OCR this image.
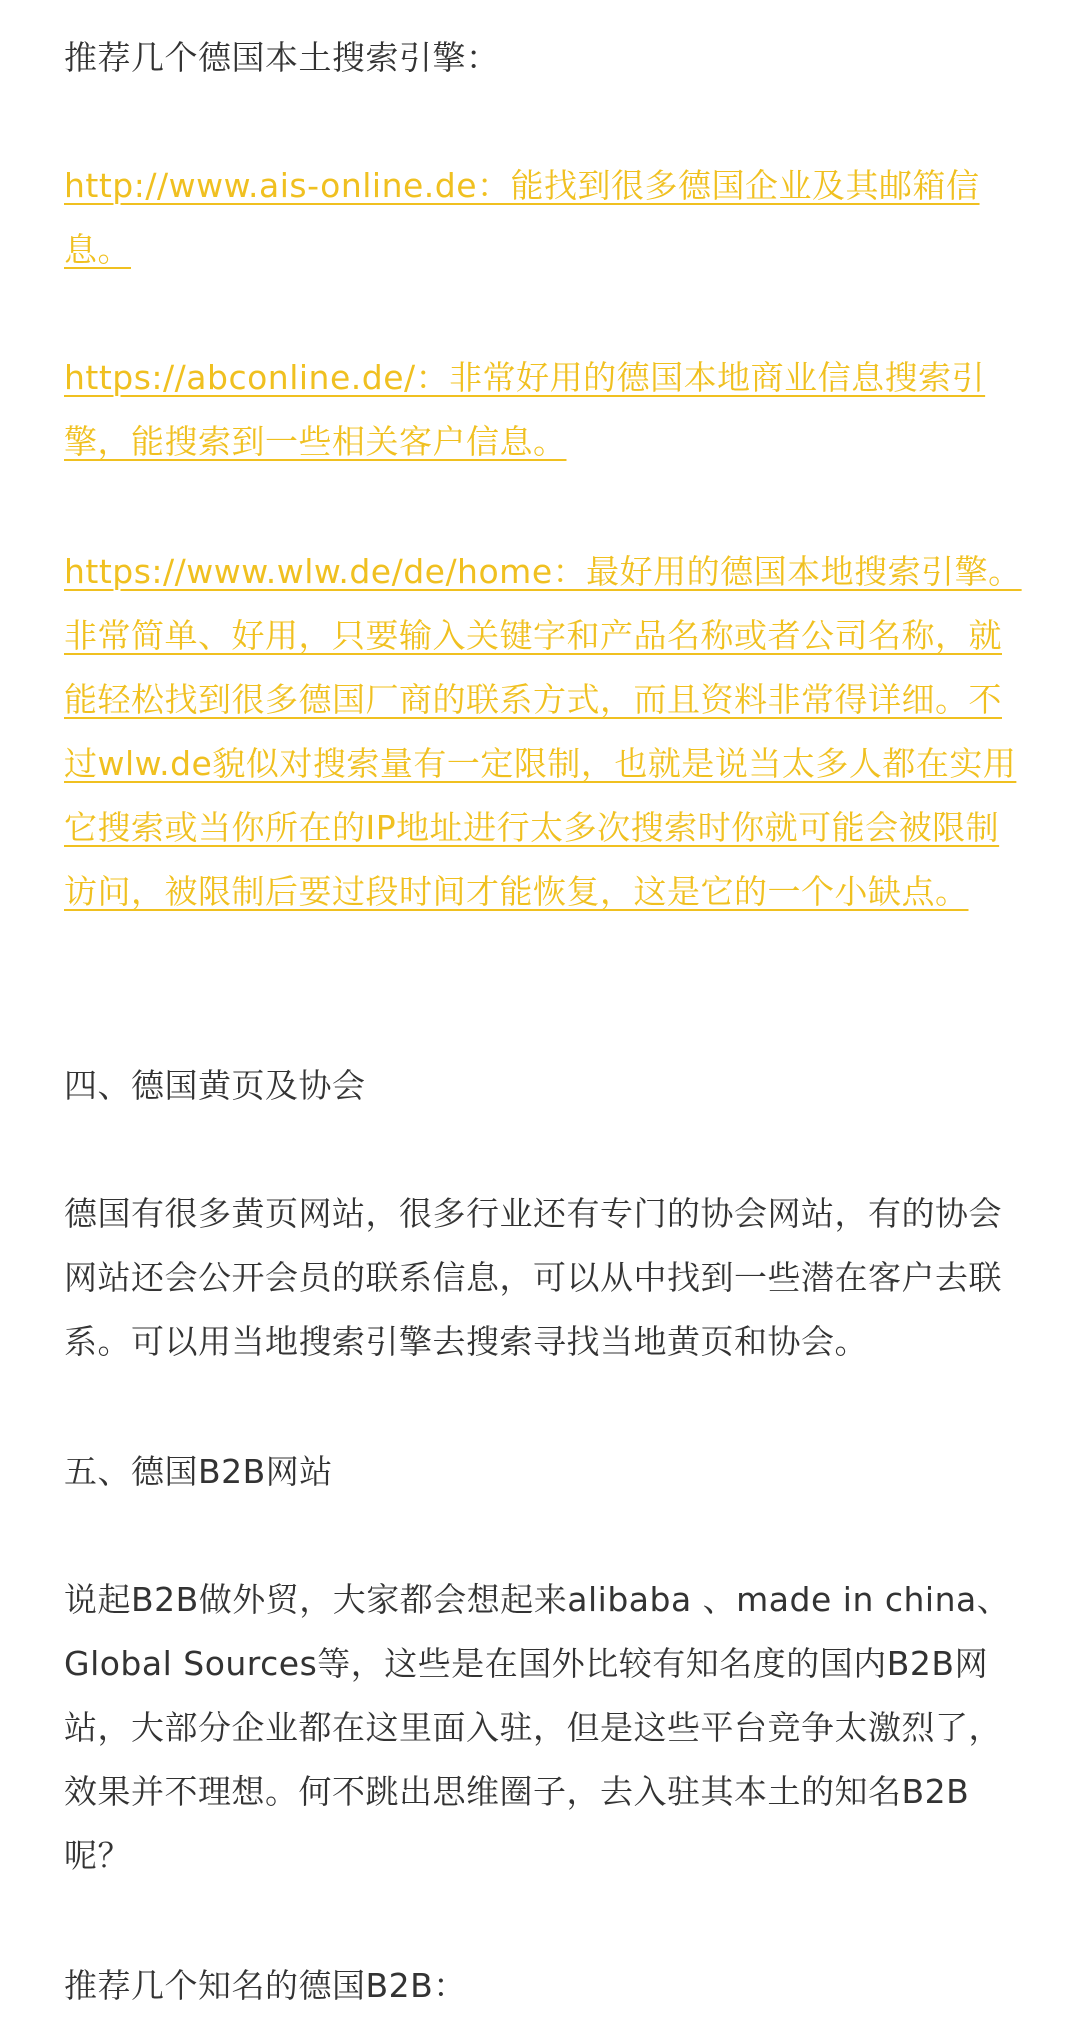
推荐几个德国本土搜索引擎：

http://www.ais-online.de：能找到很多德国企业及其邮箱信息。

https://abconline.de/：非常好用的德国本地商业信息搜索引擎，能搜索到一些相关客户信息。

https://www.wlw.de/de/home：最好用的德国本地搜索引擎。非常简单、好用，只要输入关键字和产品名称或者公司名称，就能轻松找到很多德国厂商的联系方式，而且资料非常得详细。不过wlw.de貌似对搜索量有一定限制，也就是说当太多人都在实用它搜索或当你所在的IP地址进行太多次搜索时你就可能会被限制访问，被限制后要过段时间才能恢复，这是它的一个小缺点。

四、德国黄页及协会

德国有很多黄页网站，很多行业还有专门的协会网站，有的协会网站还会公开会员的联系信息，可以从中找到一些潜在客户去联系。可以用当地搜索引擎去搜索寻找当地黄页和协会。

五、德国B2B网站

说起B2B做外贸，大家都会想起来alibaba 、made in china、Global Sources等，这些是在国外比较有知名度的国内B2B网站，大部分企业都在这里面入驻，但是这些平台竞争太激烈了，效果并不理想。何不跳出思维圈子，去入驻其本土的知名B2B呢？

推荐几个知名的德国B2B：
